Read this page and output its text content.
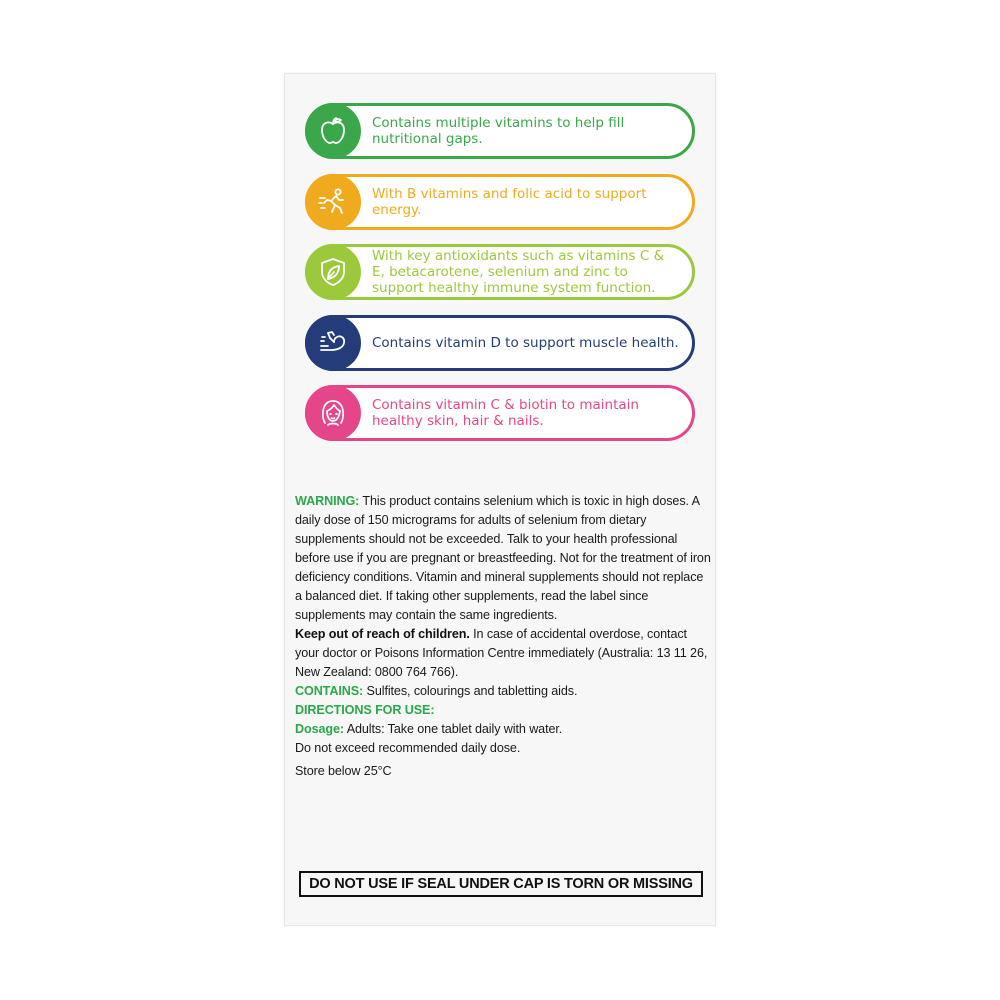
Contains multiple vitamins to help fill nutritional gaps.

With B vitamins and folic acid to support energy.

With key antioxidants such as vitamins C & E, betacarotene, selenium and zinc to support healthy immune system function.

Contains vitamin D to support muscle health.

Contains vitamin C & biotin to maintain healthy skin, hair & nails.

WARNING: This product contains selenium which is toxic in high doses. A daily dose of 150 micrograms for adults of selenium from dietary supplements should not be exceeded. Talk to your health professional before use if you are pregnant or breastfeeding. Not for the treatment of iron deficiency conditions. Vitamin and mineral supplements should not replace a balanced diet. If taking other supplements, read the label since supplements may contain the same ingredients.

Keep out of reach of children. In case of accidental overdose, contact your doctor or Poisons Information Centre immediately (Australia: 13 11 26, New Zealand: 0800 764 766).

CONTAINS: Sulfites, colourings and tabletting aids.

DIRECTIONS FOR USE:

Dosage: Adults: Take one tablet daily with water.

Do not exceed recommended daily dose.

Store below 25°C

DO NOT USE IF SEAL UNDER CAP IS TORN OR MISSING
